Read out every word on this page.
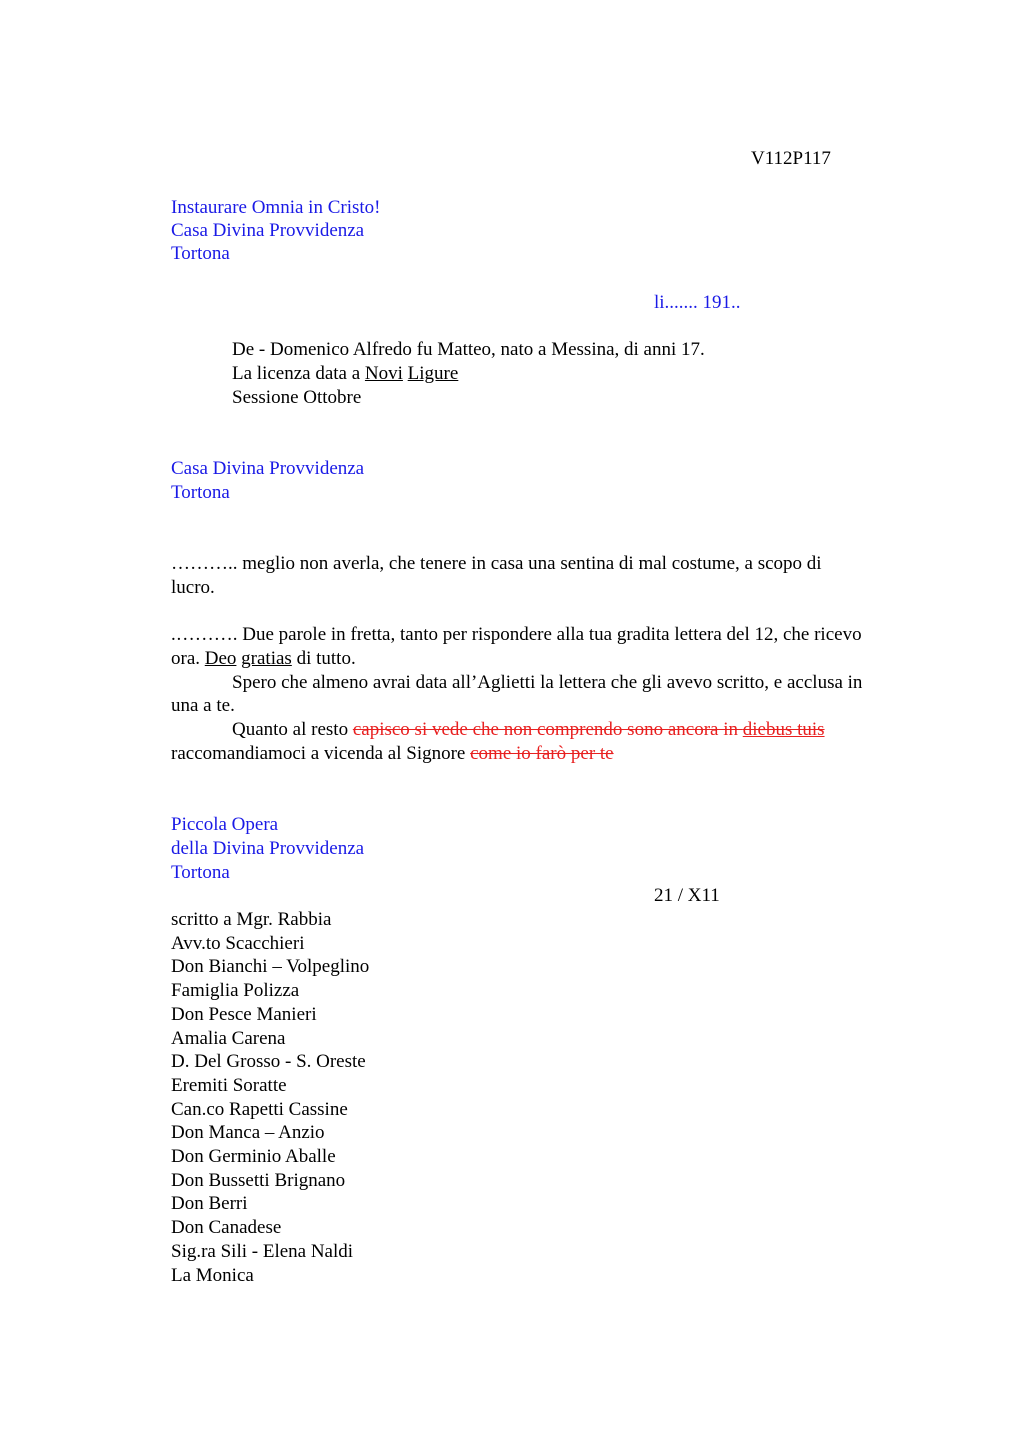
V112P117
Instaurare Omnia in Cristo!
Casa Divina Provvidenza
Tortona
li....... 191..
De - Domenico Alfredo fu Matteo, nato a Messina, di anni 17.
La licenza data a Novi Ligure
Sessione Ottobre
Casa Divina Provvidenza
Tortona
……….. meglio non averla, che tenere in casa una sentina di mal costume, a scopo di
lucro.
.………. Due parole in fretta, tanto per rispondere alla tua gradita lettera del 12, che ricevo
ora. Deo gratias di tutto.
Spero che almeno avrai data all’Aglietti la lettera che gli avevo scritto, e acclusa in
una a te.
Quanto al resto capisco si vede che non comprendo sono ancora in diebus tuis
raccomandiamoci a vicenda al Signore come io farò per te
Piccola Opera
della Divina Provvidenza
Tortona
21 / X11
scritto a Mgr. Rabbia
Avv.to Scacchieri
Don Bianchi – Volpeglino
Famiglia Polizza
Don Pesce Manieri
Amalia Carena
D. Del Grosso - S. Oreste
Eremiti Soratte
Can.co Rapetti Cassine
Don Manca – Anzio
Don Germinio Aballe
Don Bussetti Brignano
Don Berri
Don Canadese
Sig.ra Sili - Elena Naldi
La Monica
